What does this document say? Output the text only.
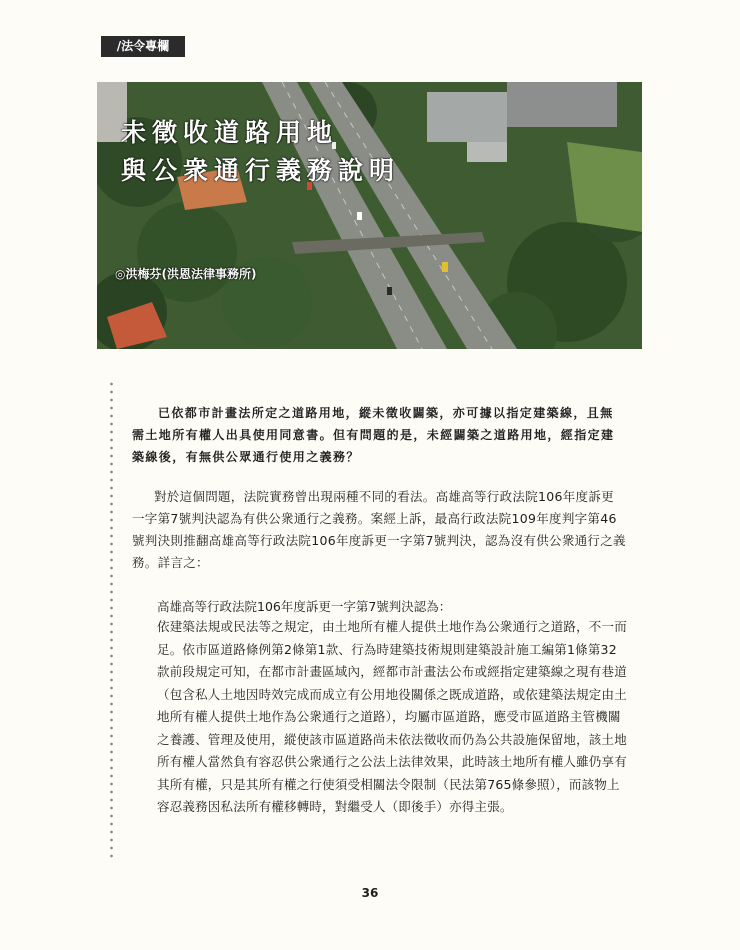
/法令專欄
未徵收道路用地
與公衆通行義務說明
◎洪梅芬(洪恩法律事務所)
已依都市計畫法所定之道路用地，縱未徵收闢築，亦可據以指定建築線，且無需土地所有權人出具使用同意書。但有問題的是，未經闢築之道路用地，經指定建築線後，有無供公眾通行使用之義務？
對於這個問題，法院實務曾出現兩種不同的看法。高雄高等行政法院106年度訴更一字第7號判決認為有供公衆通行之義務。案經上訴，最高行政法院109年度判字第46號判決則推翻高雄高等行政法院106年度訴更一字第7號判決，認為沒有供公衆通行之義務。詳言之：
高雄高等行政法院106年度訴更一字第7號判決認為：
依建築法規或民法等之規定，由土地所有權人提供土地作為公衆通行之道路，不一而足。依市區道路條例第2條第1款、行為時建築技術規則建築設計施工編第1條第32款前段規定可知，在都市計畫區域內，經都市計畫法公布或經指定建築線之現有巷道（包含私人土地因時效完成而成立有公用地役關係之既成道路，或依建築法規定由土地所有權人提供土地作為公衆通行之道路），均屬市區道路，應受市區道路主管機關之養護、管理及使用，縱使該市區道路尚未依法徵收而仍為公共設施保留地，該土地所有權人當然負有容忍供公衆通行之公法上法律效果，此時該土地所有權人雖仍享有其所有權，只是其所有權之行使須受相關法令限制（民法第765條參照），而該物上容忍義務因私法所有權移轉時，對繼受人（即後手）亦得主張。
36
